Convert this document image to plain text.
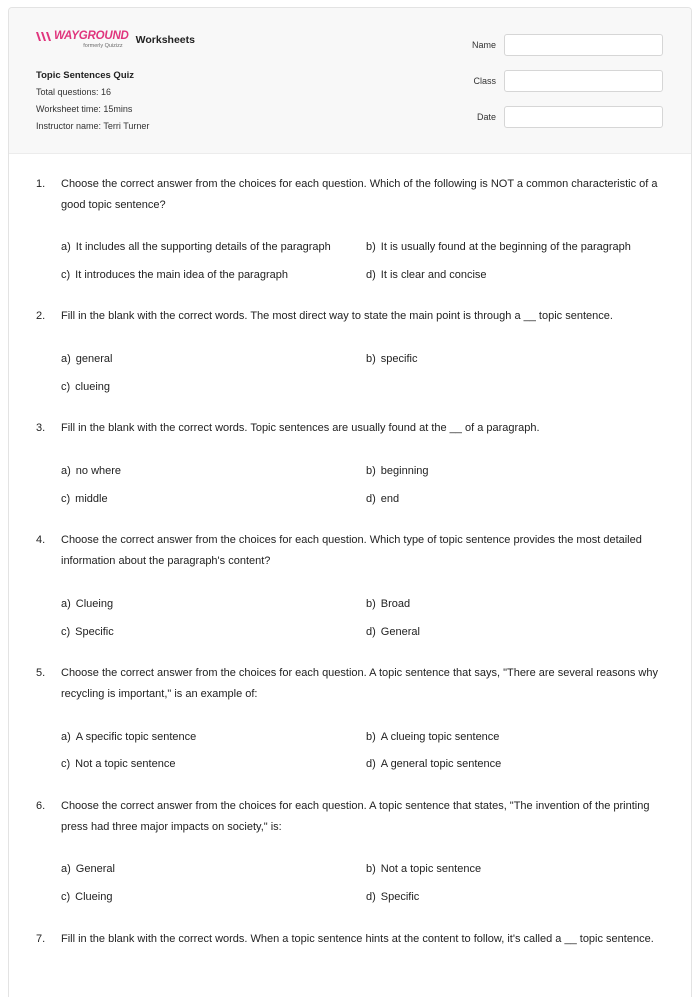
WAYGROUND
formerly Quizizz Worksheets
Topic Sentences Quiz
Total questions: 16
Worksheet time: 15mins
Instructor name: Terri Turner
Name
Class
Date
1. Choose the correct answer from the choices for each question. Which of the following is NOT a common characteristic of a good topic sentence?
a) It includes all the supporting details of the paragraph	b) It is usually found at the beginning of the paragraph
c) It introduces the main idea of the paragraph	d) It is clear and concise
2. Fill in the blank with the correct words. The most direct way to state the main point is through a __ topic sentence.
a) general	b) specific
c) clueing
3. Fill in the blank with the correct words. Topic sentences are usually found at the __ of a paragraph.
a) no where	b) beginning
c) middle	d) end
4. Choose the correct answer from the choices for each question. Which type of topic sentence provides the most detailed information about the paragraph's content?
a) Clueing	b) Broad
c) Specific	d) General
5. Choose the correct answer from the choices for each question. A topic sentence that says, "There are several reasons why recycling is important," is an example of:
a) A specific topic sentence	b) A clueing topic sentence
c) Not a topic sentence	d) A general topic sentence
6. Choose the correct answer from the choices for each question. A topic sentence that states, "The invention of the printing press had three major impacts on society," is:
a) General	b) Not a topic sentence
c) Clueing	d) Specific
7. Fill in the blank with the correct words. When a topic sentence hints at the content to follow, it's called a __ topic sentence.
